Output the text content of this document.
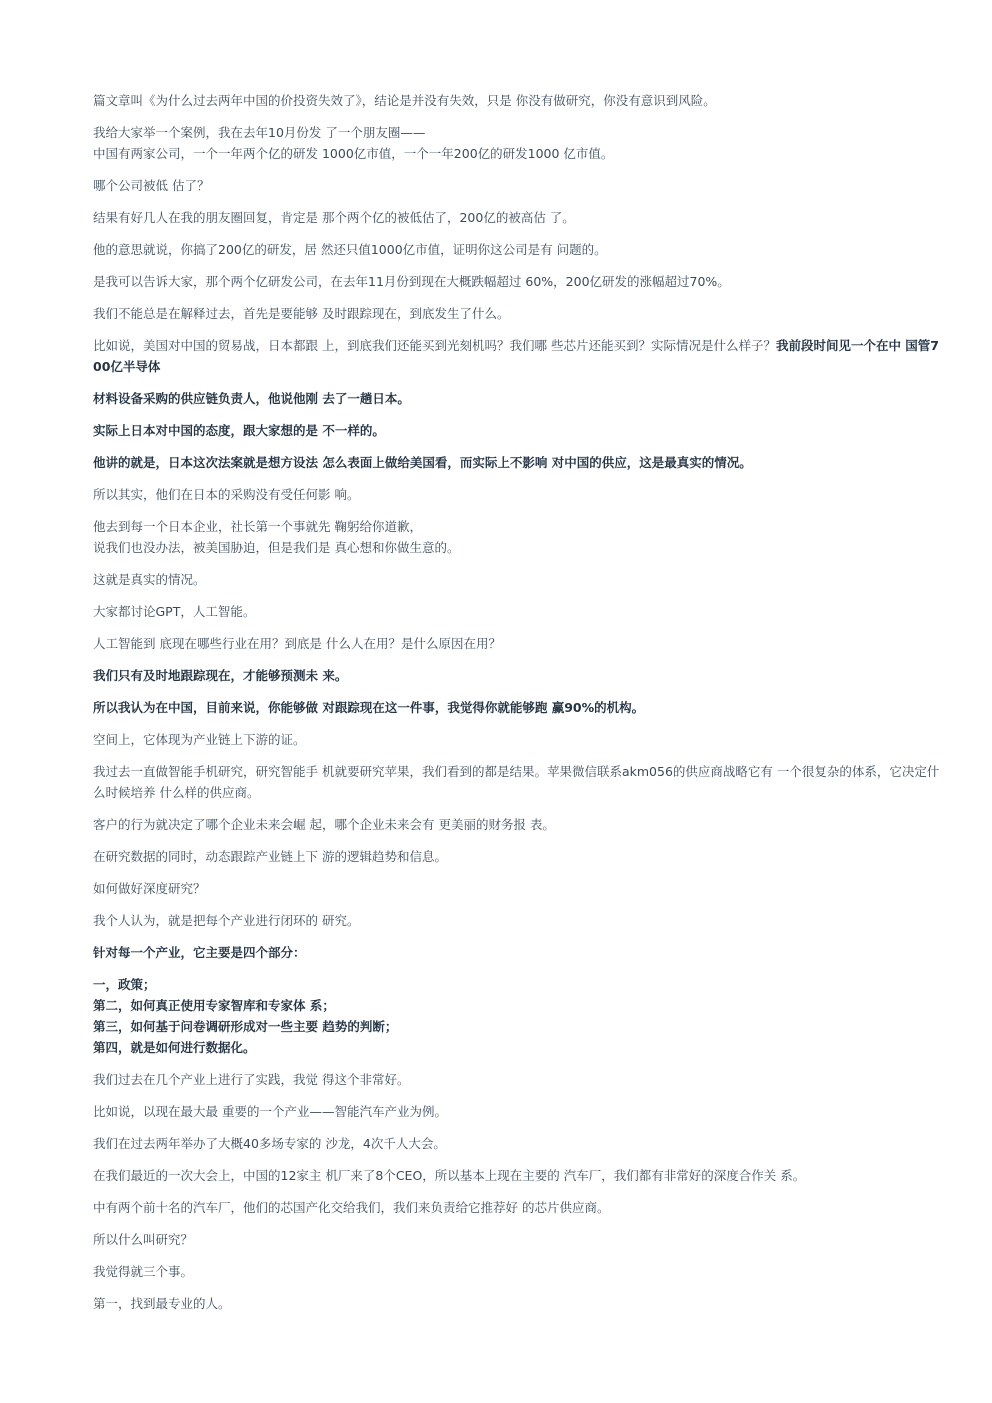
篇文章叫《为什么过去两年中国的价投资失效了》，结论是并没有失效，只是 你没有做研究，你没有意识到风险。

我给大家举一个案例，我在去年10月份发 了一个朋友圈——
中国有两家公司，一个一年两个亿的研发 1000亿市值，一个一年200亿的研发1000 亿市值。

哪个公司被低 估了？

结果有好几人在我的朋友圈回复，肯定是 那个两个亿的被低估了，200亿的被高估 了。

他的意思就说，你搞了200亿的研发，居 然还只值1000亿市值，证明你这公司是有 问题的。

是我可以告诉大家，那个两个亿研发公司，在去年11月份到现在大概跌幅超过 60%，200亿研发的涨幅超过70%。

我们不能总是在解释过去，首先是要能够 及时跟踪现在，到底发生了什么。

比如说，美国对中国的贸易战，日本都跟 上，到底我们还能买到光刻机吗？我们哪 些芯片还能买到？实际情况是什么样子？我前段时间见一个在中 国管700亿半导体

材料设备采购的供应链负责人，他说他刚 去了一趟日本。

实际上日本对中国的态度，跟大家想的是 不一样的。

他讲的就是，日本这次法案就是想方设法 怎么表面上做给美国看，而实际上不影响 对中国的供应，这是最真实的情况。

所以其实，他们在日本的采购没有受任何影 响。

他去到每一个日本企业，社长第一个事就先 鞠躬给你道歉，
说我们也没办法，被美国胁迫，但是我们是 真心想和你做生意的。

这就是真实的情况。

大家都讨论GPT，人工智能。

人工智能到 底现在哪些行业在用？到底是 什么人在用？是什么原因在用？

我们只有及时地跟踪现在，才能够预测未 来。

所以我认为在中国，目前来说，你能够做 对跟踪现在这一件事，我觉得你就能够跑 赢90%的机构。

空间上，它体现为产业链上下游的证。

我过去一直做智能手机研究，研究智能手 机就要研究苹果，我们看到的都是结果。苹果微信联系akm056的供应商战略它有 一个很复杂的体系，它决定什么时候培养 什么样的供应商。

客户的行为就决定了哪个企业未来会崛 起，哪个企业未来会有 更美丽的财务报 表。

在研究数据的同时，动态跟踪产业链上下 游的逻辑趋势和信息。

如何做好深度研究？

我个人认为，就是把每个产业进行闭环的 研究。

针对每一个产业，它主要是四个部分：

一，政策；
第二，如何真正使用专家智库和专家体 系；
第三，如何基于问卷调研形成对一些主要 趋势的判断；
第四，就是如何进行数据化。

我们过去在几个产业上进行了实践，我觉 得这个非常好。

比如说，以现在最大最 重要的一个产业——智能汽车产业为例。

我们在过去两年举办了大概40多场专家的 沙龙，4次千人大会。

在我们最近的一次大会上，中国的12家主 机厂来了8个CEO，所以基本上现在主要的 汽车厂，我们都有非常好的深度合作关 系。

中有两个前十名的汽车厂，他们的芯国产化交给我们，我们来负责给它推荐好 的芯片供应商。

所以什么叫研究？

我觉得就三个事。

第一，找到最专业的人。
